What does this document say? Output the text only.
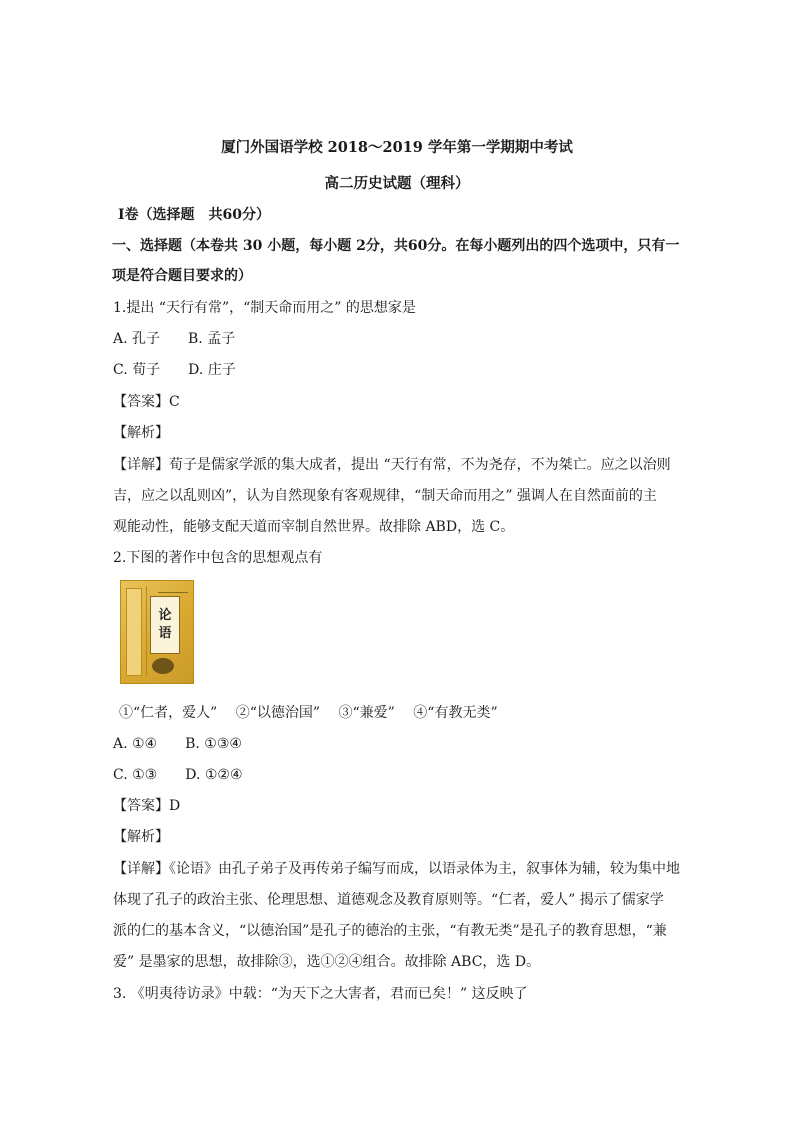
厦门外国语学校 2018～2019 学年第一学期期中考试
高二历史试题（理科）
Ⅰ卷（选择题　共60分）
一、选择题（本卷共 30 小题，每小题 2分，共60分。在每小题列出的四个选项中，只有一
项是符合题目要求的）
1.提出 “天行有常”，“制天命而用之” 的思想家是
A. 孔子　　B. 孟子
C. 荀子　　D. 庄子
【答案】C
【解析】
【详解】荀子是儒家学派的集大成者，提出 “天行有常，不为尧存，不为桀亡。应之以治则
吉，应之以乱则凶”，认为自然现象有客观规律，“制天命而用之” 强调人在自然面前的主
观能动性，能够支配天道而宰制自然世界。故排除 ABD，选 C。
2.下图的著作中包含的思想观点有
论
语
①“仁者，爱人”　 ②“以德治国”　 ③“兼爱”　 ④“有教无类”
A. ①④　　B. ①③④
C. ①③　　D. ①②④
【答案】D
【解析】
【详解】《论语》由孔子弟子及再传弟子编写而成，以语录体为主，叙事体为辅，较为集中地
体现了孔子的政治主张、伦理思想、道德观念及教育原则等。“仁者，爱人” 揭示了儒家学
派的仁的基本含义，“以德治国”是孔子的德治的主张，“有教无类”是孔子的教育思想，“兼
爱” 是墨家的思想，故排除③，选①②④组合。故排除 ABC，选 D。
3. 《明夷待访录》中载：“为天下之大害者，君而已矣！” 这反映了
